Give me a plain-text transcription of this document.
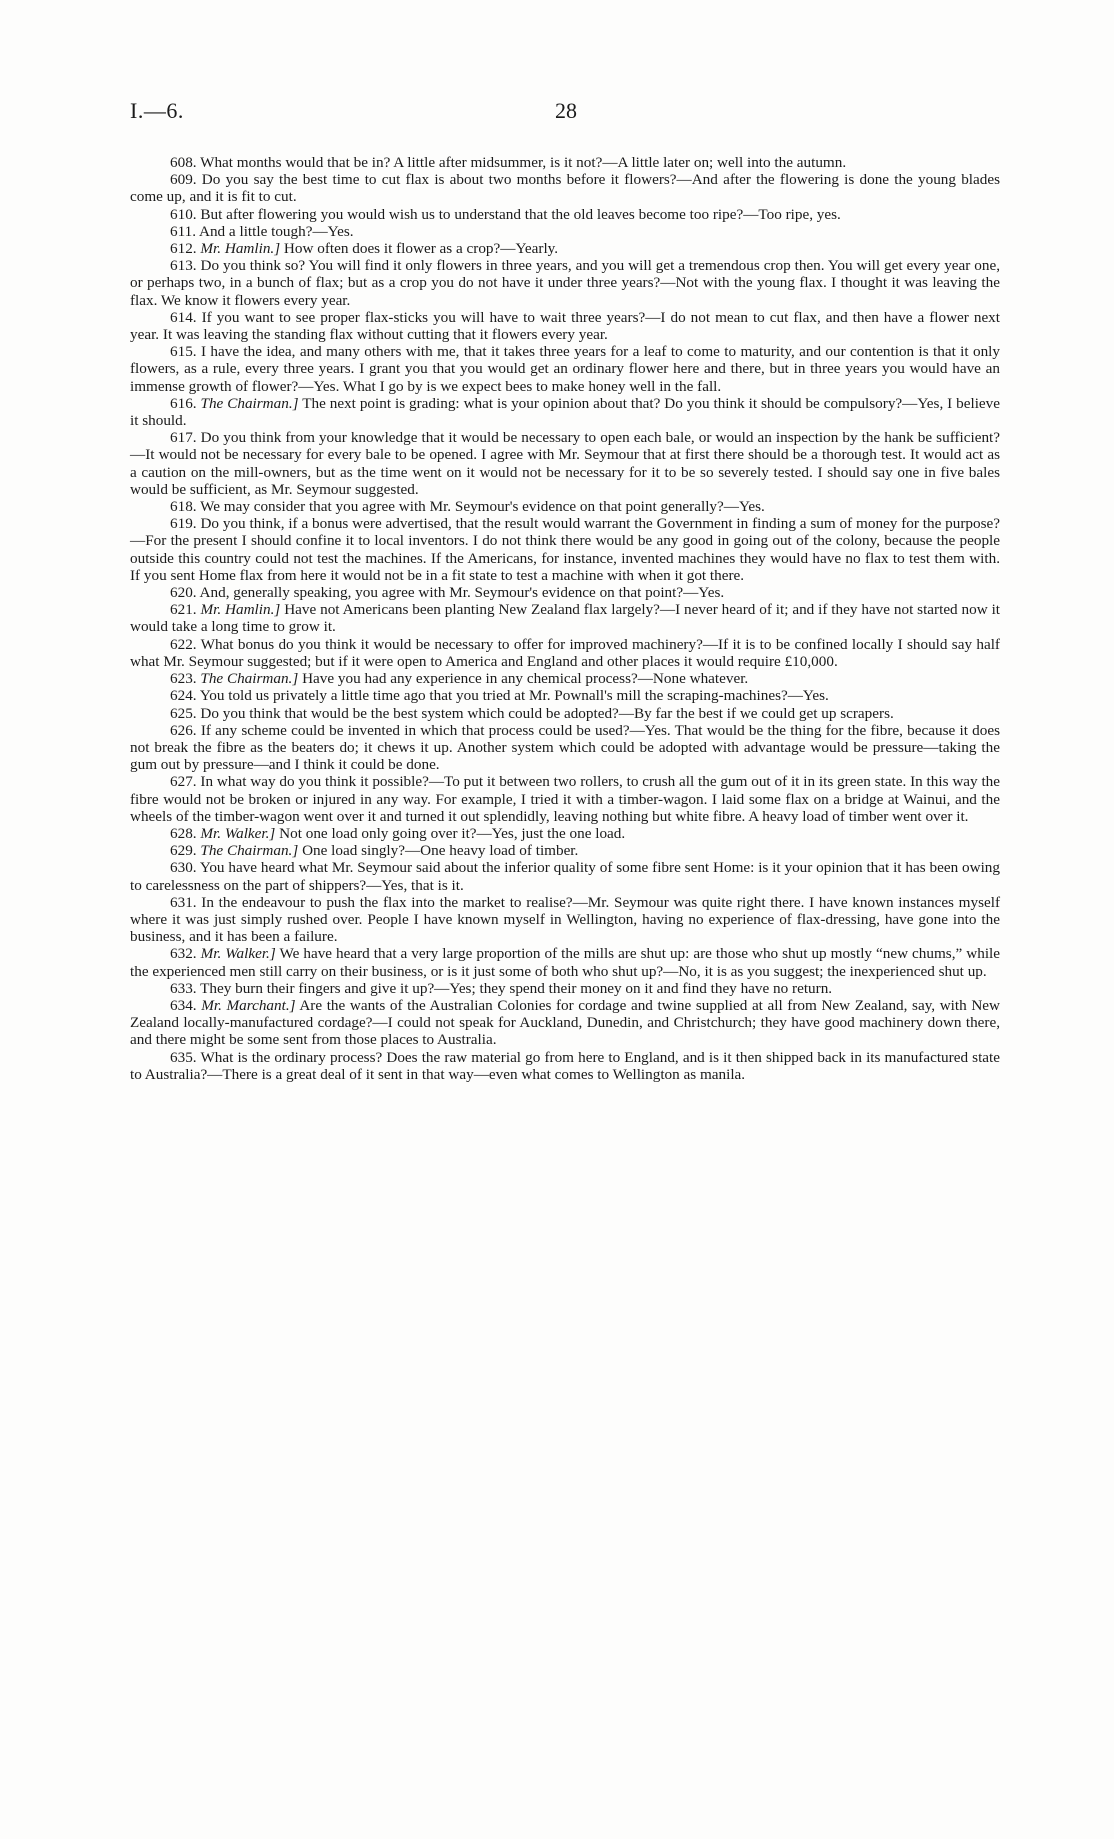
I.—6.	28

608. What months would that be in? A little after midsummer, is it not?—A little later on; well into the autumn.

609. Do you say the best time to cut flax is about two months before it flowers?—And after the flowering is done the young blades come up, and it is fit to cut.

610. But after flowering you would wish us to understand that the old leaves become too ripe?—Too ripe, yes.

611. And a little tough?—Yes.

612. Mr. Hamlin.] How often does it flower as a crop?—Yearly.

613. Do you think so? You will find it only flowers in three years, and you will get a tremendous crop then. You will get every year one, or perhaps two, in a bunch of flax; but as a crop you do not have it under three years?—Not with the young flax. I thought it was leaving the flax. We know it flowers every year.

614. If you want to see proper flax-sticks you will have to wait three years?—I do not mean to cut flax, and then have a flower next year. It was leaving the standing flax without cutting that it flowers every year.

615. I have the idea, and many others with me, that it takes three years for a leaf to come to maturity, and our contention is that it only flowers, as a rule, every three years. I grant you that you would get an ordinary flower here and there, but in three years you would have an immense growth of flower?—Yes. What I go by is we expect bees to make honey well in the fall.

616. The Chairman.] The next point is grading: what is your opinion about that? Do you think it should be compulsory?—Yes, I believe it should.

617. Do you think from your knowledge that it would be necessary to open each bale, or would an inspection by the hank be sufficient?—It would not be necessary for every bale to be opened. I agree with Mr. Seymour that at first there should be a thorough test. It would act as a caution on the mill-owners, but as the time went on it would not be necessary for it to be so severely tested. I should say one in five bales would be sufficient, as Mr. Seymour suggested.

618. We may consider that you agree with Mr. Seymour's evidence on that point generally?—Yes.

619. Do you think, if a bonus were advertised, that the result would warrant the Government in finding a sum of money for the purpose?—For the present I should confine it to local inventors. I do not think there would be any good in going out of the colony, because the people outside this country could not test the machines. If the Americans, for instance, invented machines they would have no flax to test them with. If you sent Home flax from here it would not be in a fit state to test a machine with when it got there.

620. And, generally speaking, you agree with Mr. Seymour's evidence on that point?—Yes.

621. Mr. Hamlin.] Have not Americans been planting New Zealand flax largely?—I never heard of it; and if they have not started now it would take a long time to grow it.

622. What bonus do you think it would be necessary to offer for improved machinery?—If it is to be confined locally I should say half what Mr. Seymour suggested; but if it were open to America and England and other places it would require £10,000.

623. The Chairman.] Have you had any experience in any chemical process?—None whatever.

624. You told us privately a little time ago that you tried at Mr. Pownall's mill the scraping-machines?—Yes.

625. Do you think that would be the best system which could be adopted?—By far the best if we could get up scrapers.

626. If any scheme could be invented in which that process could be used?—Yes. That would be the thing for the fibre, because it does not break the fibre as the beaters do; it chews it up. Another system which could be adopted with advantage would be pressure—taking the gum out by pressure—and I think it could be done.

627. In what way do you think it possible?—To put it between two rollers, to crush all the gum out of it in its green state. In this way the fibre would not be broken or injured in any way. For example, I tried it with a timber-wagon. I laid some flax on a bridge at Wainui, and the wheels of the timber-wagon went over it and turned it out splendidly, leaving nothing but white fibre. A heavy load of timber went over it.

628. Mr. Walker.] Not one load only going over it?—Yes, just the one load.

629. The Chairman.] One load singly?—One heavy load of timber.

630. You have heard what Mr. Seymour said about the inferior quality of some fibre sent Home: is it your opinion that it has been owing to carelessness on the part of shippers?—Yes, that is it.

631. In the endeavour to push the flax into the market to realise?—Mr. Seymour was quite right there. I have known instances myself where it was just simply rushed over. People I have known myself in Wellington, having no experience of flax-dressing, have gone into the business, and it has been a failure.

632. Mr. Walker.] We have heard that a very large proportion of the mills are shut up: are those who shut up mostly “new chums,” while the experienced men still carry on their business, or is it just some of both who shut up?—No, it is as you suggest; the inexperienced shut up.

633. They burn their fingers and give it up?—Yes; they spend their money on it and find they have no return.

634. Mr. Marchant.] Are the wants of the Australian Colonies for cordage and twine supplied at all from New Zealand, say, with New Zealand locally-manufactured cordage?—I could not speak for Auckland, Dunedin, and Christchurch; they have good machinery down there, and there might be some sent from those places to Australia.

635. What is the ordinary process? Does the raw material go from here to England, and is it then shipped back in its manufactured state to Australia?—There is a great deal of it sent in that way—even what comes to Wellington as manila.
